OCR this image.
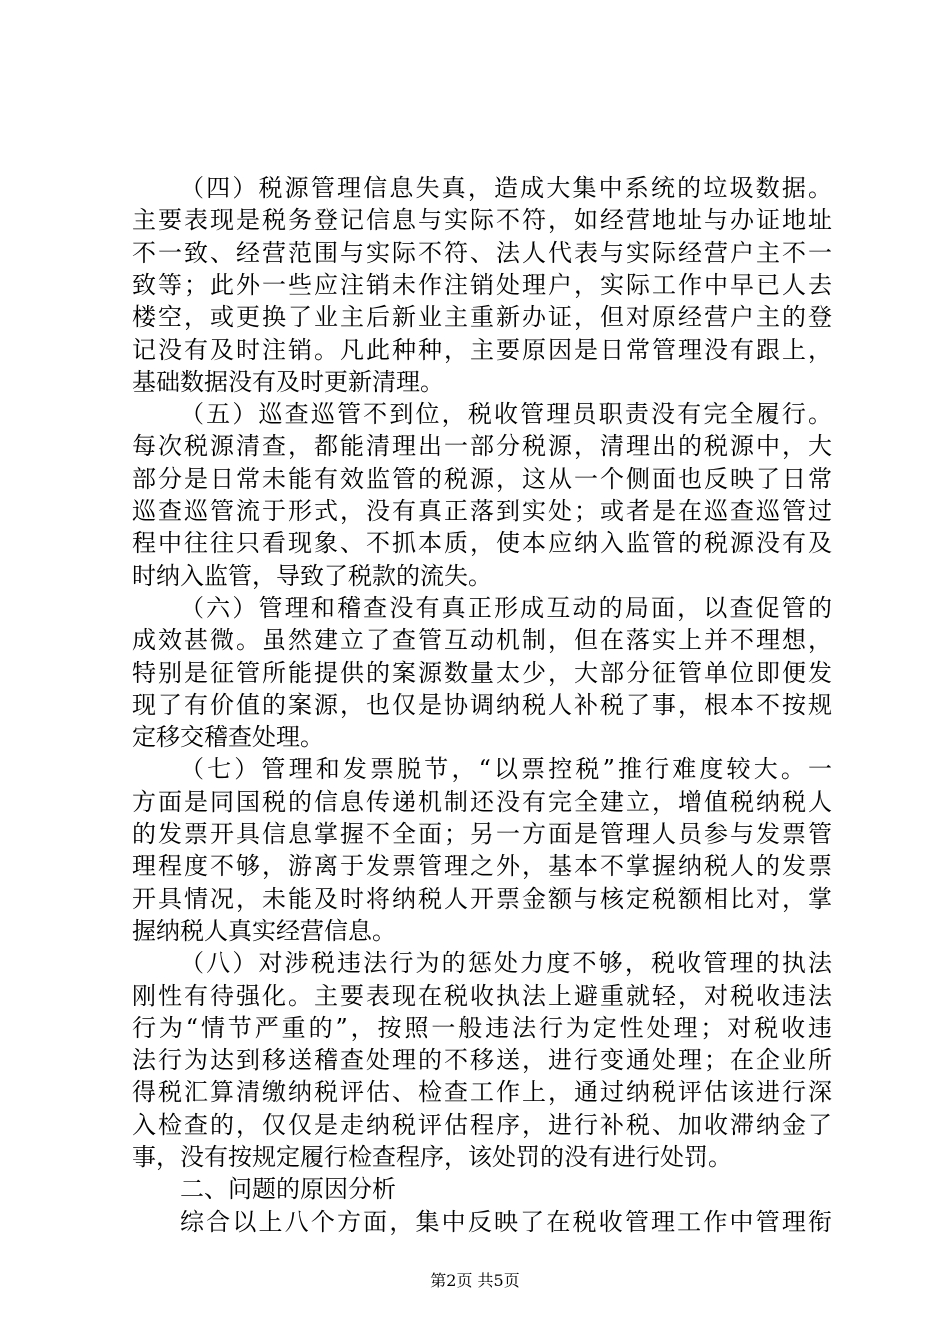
（四）税源管理信息失真，造成大集中系统的垃圾数据。
主要表现是税务登记信息与实际不符，如经营地址与办证地址
不一致、经营范围与实际不符、法人代表与实际经营户主不一
致等；此外一些应注销未作注销处理户，实际工作中早已人去
楼空，或更换了业主后新业主重新办证，但对原经营户主的登
记没有及时注销。凡此种种，主要原因是日常管理没有跟上，
基础数据没有及时更新清理。
（五）巡查巡管不到位，税收管理员职责没有完全履行。
每次税源清查，都能清理出一部分税源，清理出的税源中，大
部分是日常未能有效监管的税源，这从一个侧面也反映了日常
巡查巡管流于形式，没有真正落到实处；或者是在巡查巡管过
程中往往只看现象、不抓本质，使本应纳入监管的税源没有及
时纳入监管，导致了税款的流失。
（六）管理和稽查没有真正形成互动的局面，以查促管的
成效甚微。虽然建立了查管互动机制，但在落实上并不理想，
特别是征管所能提供的案源数量太少，大部分征管单位即便发
现了有价值的案源，也仅是协调纳税人补税了事，根本不按规
定移交稽查处理。
（七）管理和发票脱节，“以票控税”推行难度较大。一
方面是同国税的信息传递机制还没有完全建立，增值税纳税人
的发票开具信息掌握不全面；另一方面是管理人员参与发票管
理程度不够，游离于发票管理之外，基本不掌握纳税人的发票
开具情况，未能及时将纳税人开票金额与核定税额相比对，掌
握纳税人真实经营信息。
（八）对涉税违法行为的惩处力度不够，税收管理的执法
刚性有待强化。主要表现在税收执法上避重就轻，对税收违法
行为“情节严重的”，按照一般违法行为定性处理；对税收违
法行为达到移送稽查处理的不移送，进行变通处理；在企业所
得税汇算清缴纳税评估、检查工作上，通过纳税评估该进行深
入检查的，仅仅是走纳税评估程序，进行补税、加收滞纳金了
事，没有按规定履行检查程序，该处罚的没有进行处罚。
二、问题的原因分析
综合以上八个方面，集中反映了在税收管理工作中管理衔
第2页 共5页
